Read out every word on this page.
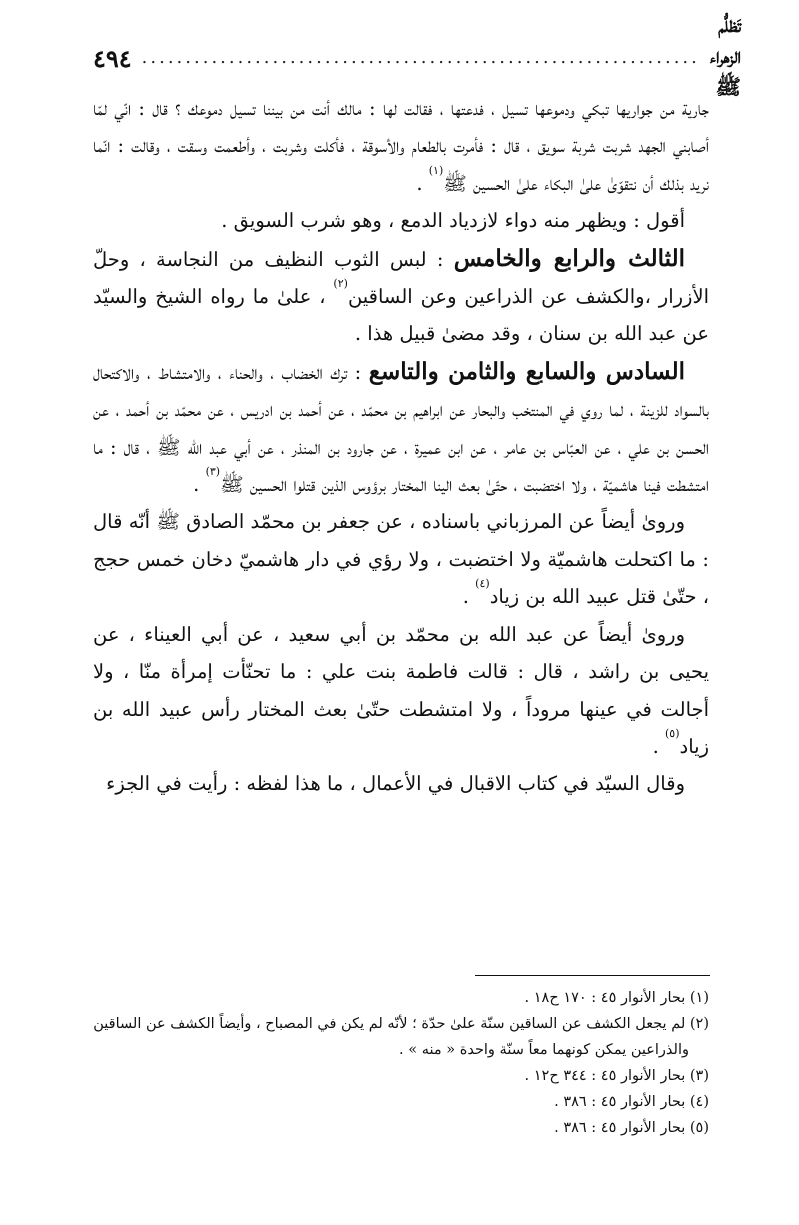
٤٩٤ ................................................................
تَظلُّم الزهراء ﷺ

جارية من جواريها تبكي ودموعها تسيل ، فدعتها ، فقالت لها : مالك أنت من بيننا تسيل دموعك ؟ قال : انّي لمّا أصابني الجهد شربت شربة سويق ، قال : فأمرت بالطعام والأسوقة ، فأكلت وشربت ، وأطعمت وسقت ، وقالت : انّما نريد بذلك أن نتقوّىٰ علىٰ البكاء علىٰ الحسين ﷺ$^{(١)}$ .

أقول : ويظهر منه دواء لازدياد الدمع ، وهو شرب السويق .

الثالث والرابع والخامس : لبس الثوب النظيف من النجاسة ، وحلّ الأزرار ،والكشف عن الذراعين وعن الساقين$^{(٢)}$ ، علىٰ ما رواه الشيخ والسيّد عن عبد الله بن سنان ، وقد مضىٰ قبيل هذا .

السادس والسابع والثامن والتاسع : ترك الخضاب ، والحناء ، والامتشاط ، والاكتحال بالسواد للزينة ، لما روي في المنتخب والبحار عن ابراهيم بن محمّد ، عن أحمد بن ادريس ، عن محمّد بن أحمد ، عن الحسن بن علي ، عن العبّاس بن عامر ، عن ابن عميرة ، عن جارود بن المنذر ، عن أبي عبد الله ﷺ ، قال : ما امتشطت فينا هاشميّة ، ولا اختضبت ، حتّىٰ بعث الينا المختار برؤوس الذين قتلوا الحسين ﷺ$^{(٣)}$ .

ورویٰ أيضاً عن المرزباني باسناده ، عن جعفر بن محمّد الصادق ﷺ أنّه قال : ما اكتحلت هاشميّة ولا اختضبت ، ولا رؤي في دار هاشميّ دخان خمس حجج ، حتّىٰ قتل عبيد الله بن زياد$^{(٤)}$ .

ورویٰ أيضاً عن عبد الله بن محمّد بن أبي سعيد ، عن أبي العيناء ، عن يحيى بن راشد ، قال : قالت فاطمة بنت علي : ما تحنّأت إمرأة منّا ، ولا أجالت في عينها مروداً ، ولا امتشطت حتّىٰ بعث المختار رأس عبيد الله بن زياد$^{(٥)}$ .

وقال السيّد في كتاب الاقبال في الأعمال ، ما هذا لفظه : رأيت في الجزء

(١) بحار الأنوار ٤٥ : ١٧٠ ح١٨ .

(٢) لم يجعل الكشف عن الساقين سنّة علىٰ حدّة ؛ لأنّه لم يكن في المصباح ، وأيضاً الكشف عن الساقين

والذراعين يمكن كونهما معاً سنّة واحدة « منه » .

(٣) بحار الأنوار ٤٥ : ٣٤٤ ح١٢ .

(٤) بحار الأنوار ٤٥ : ٣٨٦ .

(٥) بحار الأنوار ٤٥ : ٣٨٦ .
